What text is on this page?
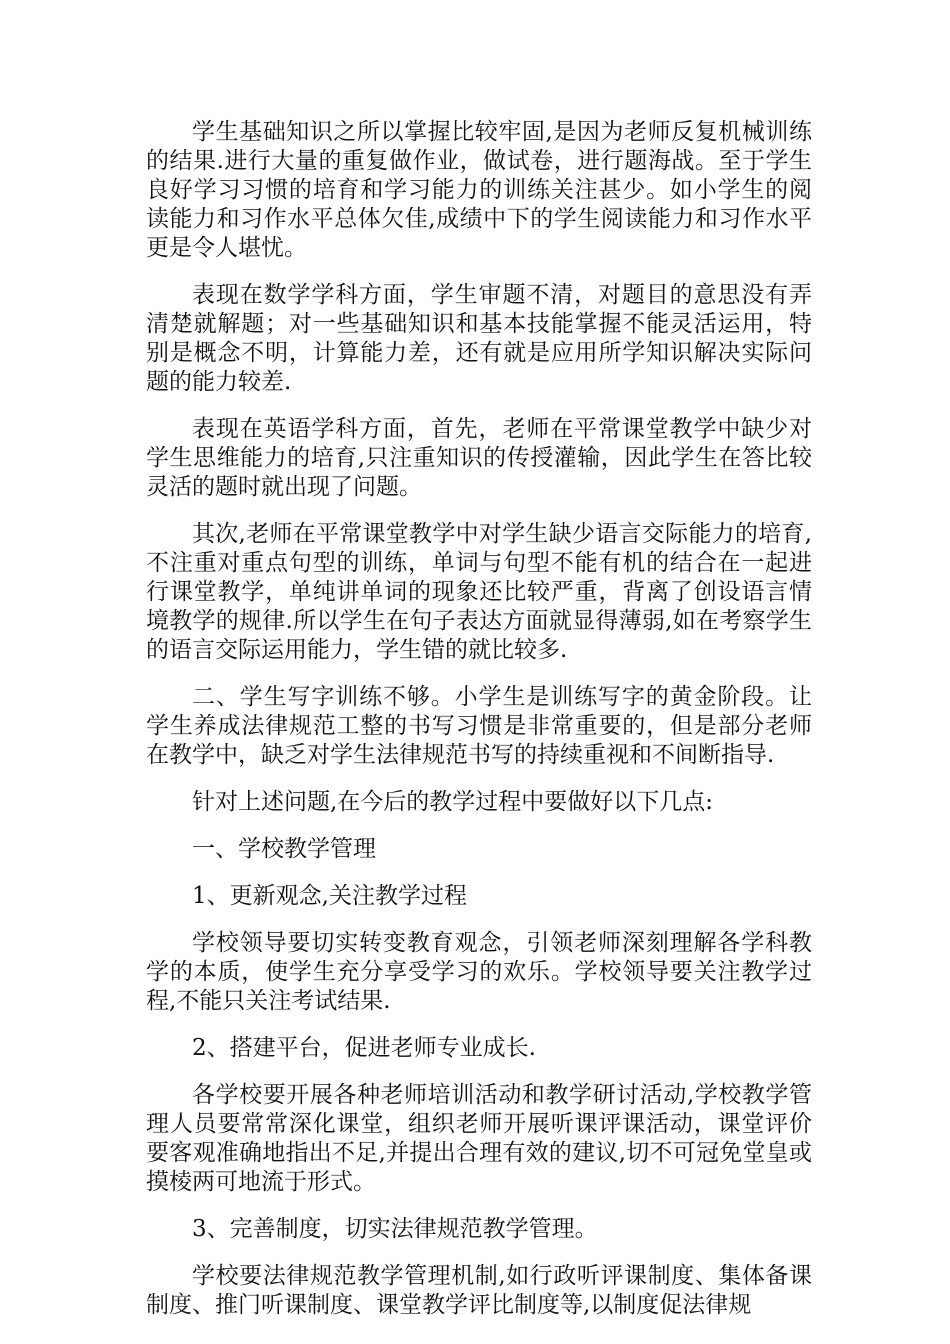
学生基础知识之所以掌握比较牢固,是因为老师反复机械训练的结果.进行大量的重复做作业，做试卷，进行题海战。至于学生良好学习习惯的培育和学习能力的训练关注甚少。如小学生的阅读能力和习作水平总体欠佳,成绩中下的学生阅读能力和习作水平更是令人堪忧。

表现在数学学科方面，学生审题不清，对题目的意思没有弄清楚就解题；对一些基础知识和基本技能掌握不能灵活运用，特别是概念不明，计算能力差，还有就是应用所学知识解决实际问题的能力较差.

表现在英语学科方面，首先，老师在平常课堂教学中缺少对学生思维能力的培育,只注重知识的传授灌输，因此学生在答比较灵活的题时就出现了问题。

其次,老师在平常课堂教学中对学生缺少语言交际能力的培育,不注重对重点句型的训练，单词与句型不能有机的结合在一起进行课堂教学，单纯讲单词的现象还比较严重，背离了创设语言情境教学的规律.所以学生在句子表达方面就显得薄弱,如在考察学生的语言交际运用能力，学生错的就比较多.

二、学生写字训练不够。小学生是训练写字的黄金阶段。让学生养成法律规范工整的书写习惯是非常重要的，但是部分老师在教学中，缺乏对学生法律规范书写的持续重视和不间断指导.

针对上述问题,在今后的教学过程中要做好以下几点:

一、学校教学管理

1、更新观念,关注教学过程

学校领导要切实转变教育观念，引领老师深刻理解各学科教学的本质，使学生充分享受学习的欢乐。学校领导要关注教学过程,不能只关注考试结果.

2、搭建平台，促进老师专业成长.

各学校要开展各种老师培训活动和教学研讨活动,学校教学管理人员要常常深化课堂，组织老师开展听课评课活动，课堂评价要客观准确地指出不足,并提出合理有效的建议,切不可冠免堂皇或摸棱两可地流于形式。

3、完善制度，切实法律规范教学管理。

学校要法律规范教学管理机制,如行政听评课制度、集体备课制度、推门听课制度、课堂教学评比制度等,以制度促法律规
